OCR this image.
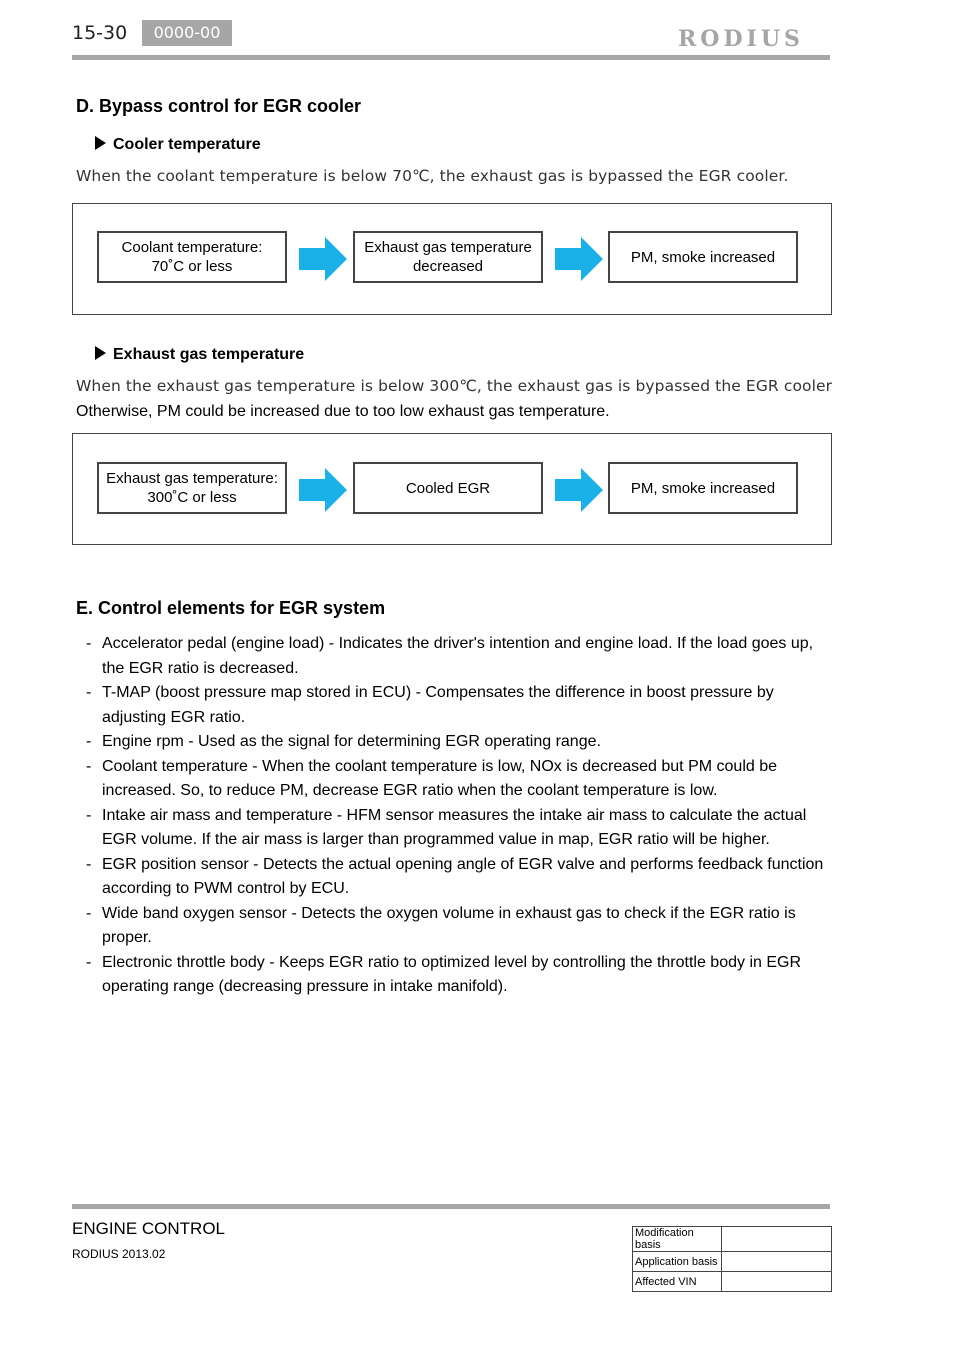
15-30	0000-00	RODIUS
D. Bypass control for EGR cooler
Cooler temperature
When the coolant temperature is below 70℃, the exhaust gas is bypassed the EGR cooler.
Coolant temperature:
70˚C or less
Exhaust gas temperature
decreased
PM, smoke increased
Exhaust gas temperature
When the exhaust gas temperature is below 300℃, the exhaust gas is bypassed the EGR cooler
Otherwise, PM could be increased due to too low exhaust gas temperature.
Exhaust gas temperature:
300˚C or less
Cooled EGR	PM, smoke increased
E. Control elements for EGR system
- Accelerator pedal (engine load) - Indicates the driver's intention and engine load. If the load goes up, the EGR ratio is decreased.
- T-MAP (boost pressure map stored in ECU) - Compensates the difference in boost pressure by adjusting EGR ratio.
- Engine rpm - Used as the signal for determining EGR operating range.
- Coolant temperature - When the coolant temperature is low, NOx is decreased but PM could be increased. So, to reduce PM, decrease EGR ratio when the coolant temperature is low.
- Intake air mass and temperature - HFM sensor measures the intake air mass to calculate the actual EGR volume. If the air mass is larger than programmed value in map, EGR ratio will be higher.
- EGR position sensor - Detects the actual opening angle of EGR valve and performs feedback function according to PWM control by ECU.
- Wide band oxygen sensor - Detects the oxygen volume in exhaust gas to check if the EGR ratio is proper.
- Electronic throttle body - Keeps EGR ratio to optimized level by controlling the throttle body in EGR operating range (decreasing pressure in intake manifold).
ENGINE CONTROL
RODIUS 2013.02
Modification basis	
Application basis	
Affected VIN	
